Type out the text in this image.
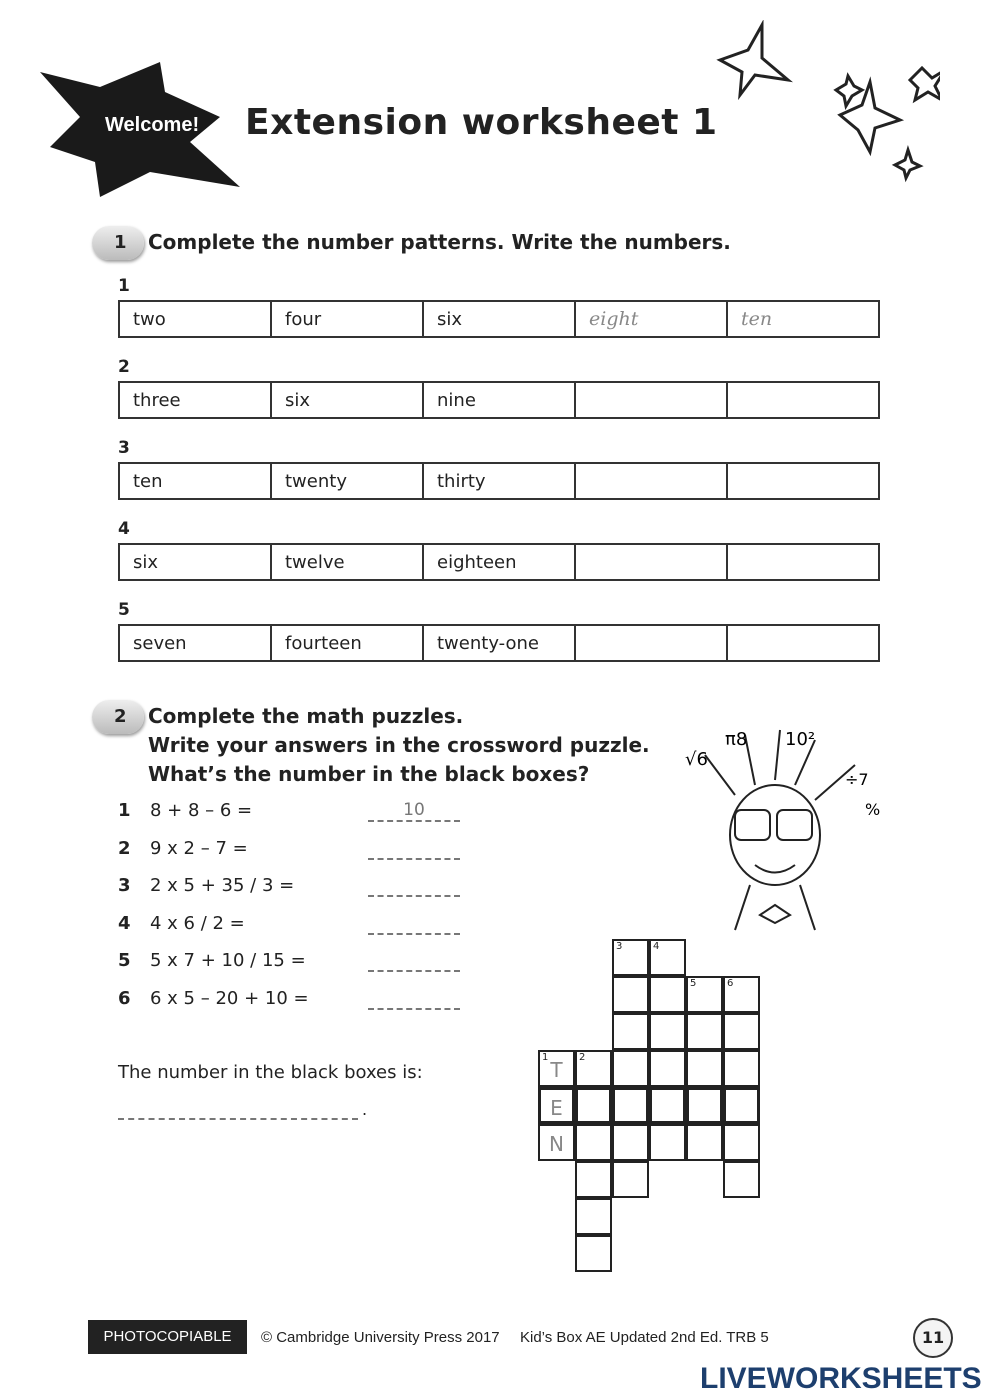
Welcome! Extension worksheet 1
1 Complete the number patterns. Write the numbers.
1
two	four	six	eight	ten
2
three	six	nine		
3
ten	twenty	thirty		
4
six	twelve	eighteen		
5
seven	fourteen	twenty-one		
2 Complete the math puzzles.
Write your answers in the crossword puzzle.
What’s the number in the black boxes?
1 8 + 8 – 6 =	10
2 9 x 2 – 7 =
3 2 x 5 + 35 / 3 =
4 4 x 6 / 2 =
5 5 x 7 + 10 / 15 =
6 6 x 5 – 20 + 10 =
The number in the black boxes is:
.
√6
π8 10²
÷7
%
3	4
5	6
1
T
2
E
N
PHOTOCOPIABLE	© Cambridge University Press 2017 Kid’s Box AE Updated 2nd Ed. TRB 5	11
LIVEWORKSHEETS
